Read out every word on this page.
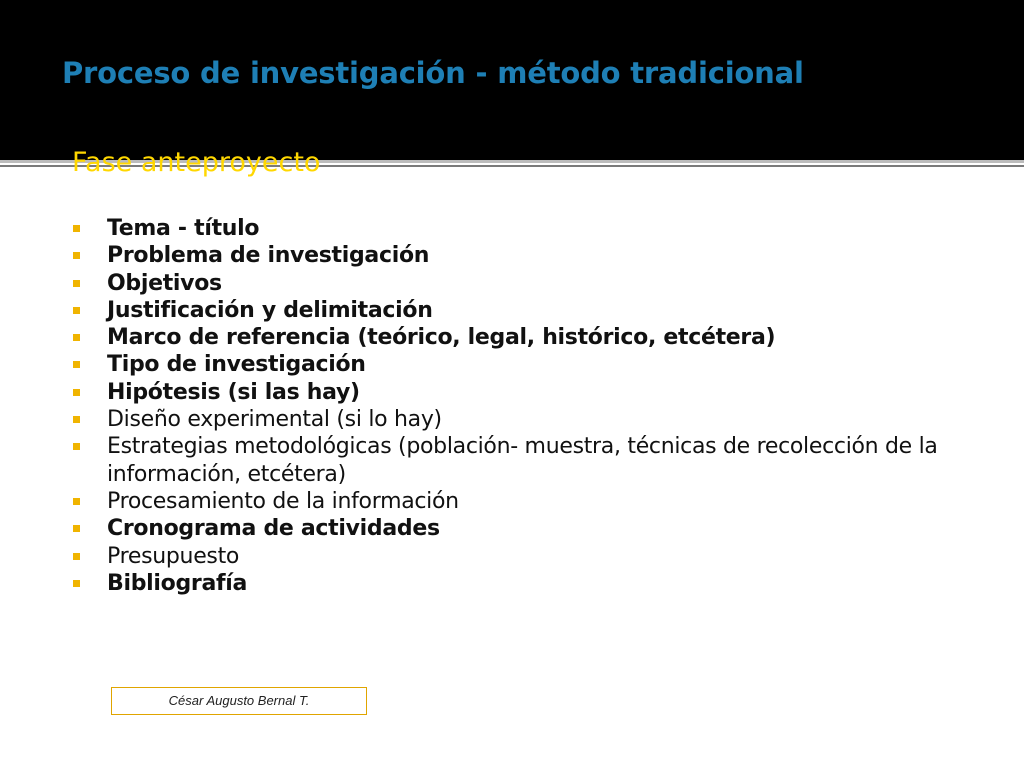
Proceso de investigación - método tradicional
Fase anteproyecto
Tema - título
Problema de investigación
Objetivos
Justificación y delimitación
Marco de referencia (teórico, legal, histórico, etcétera)
Tipo de investigación
Hipótesis (si las hay)
Diseño experimental (si lo hay)
Estrategias metodológicas (población- muestra, técnicas de recolección de la información, etcétera)
Procesamiento de la información
Cronograma de actividades
Presupuesto
Bibliografía
César Augusto Bernal T.
